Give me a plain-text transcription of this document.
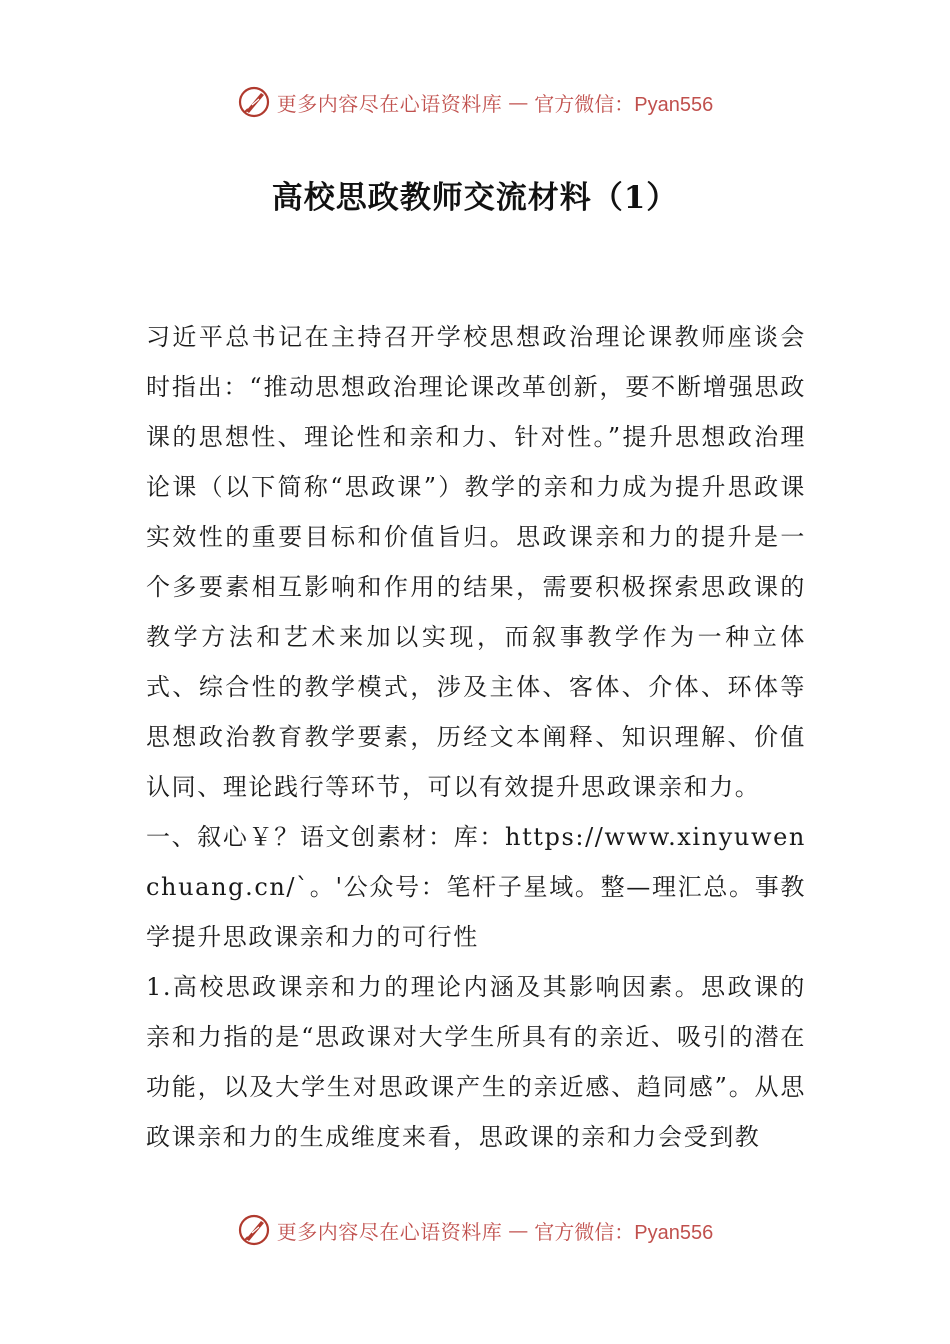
更多内容尽在心语资料库 — 官方微信：Pyan556
高校思政教师交流材料（1）

习近平总书记在主持召开学校思想政治理论课教师座谈会时指出：“推动思想政治理论课改革创新，要不断增强思政课的思想性、理论性和亲和力、针对性。”提升思想政治理论课（以下简称“思政课”）教学的亲和力成为提升思政课实效性的重要目标和价值旨归。思政课亲和力的提升是一个多要素相互影响和作用的结果，需要积极探索思政课的教学方法和艺术来加以实现，而叙事教学作为一种立体式、综合性的教学模式，涉及主体、客体、介体、环体等思想政治教育教学要素，历经文本阐释、知识理解、价值认同、理论践行等环节，可以有效提升思政课亲和力。

一、叙心￥？语文创素材：库：https://www.xinyuwenchuang.cn/`。'公众号：笔杆子星域。整—理汇总。事教学提升思政课亲和力的可行性

1.高校思政课亲和力的理论内涵及其影响因素。思政课的亲和力指的是“思政课对大学生所具有的亲近、吸引的潜在功能，以及大学生对思政课产生的亲近感、趋同感”。从思政课亲和力的生成维度来看，思政课的亲和力会受到教

更多内容尽在心语资料库 — 官方微信：Pyan556
